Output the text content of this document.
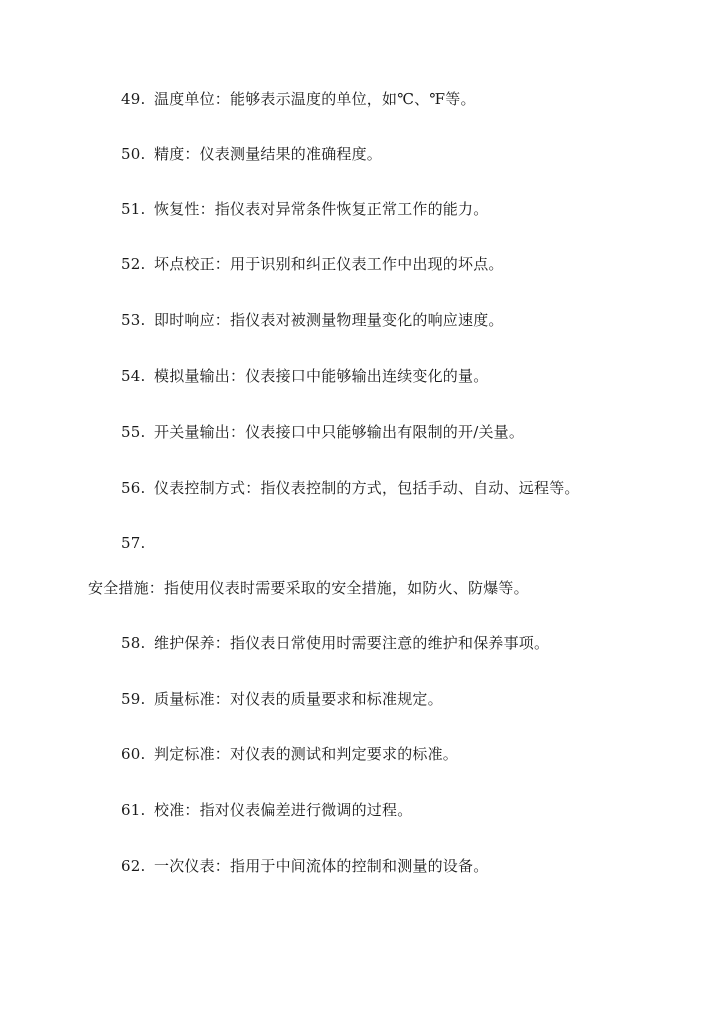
49. 温度单位：能够表示温度的单位，如℃、℉等。
50. 精度：仪表测量结果的准确程度。
51. 恢复性：指仪表对异常条件恢复正常工作的能力。
52. 坏点校正：用于识别和纠正仪表工作中出现的坏点。
53. 即时响应：指仪表对被测量物理量变化的响应速度。
54. 模拟量输出：仪表接口中能够输出连续变化的量。
55. 开关量输出：仪表接口中只能够输出有限制的开/关量。
56. 仪表控制方式：指仪表控制的方式，包括手动、自动、远程等。
57.
安全措施：指使用仪表时需要采取的安全措施，如防火、防爆等。
58. 维护保养：指仪表日常使用时需要注意的维护和保养事项。
59. 质量标准：对仪表的质量要求和标准规定。
60. 判定标准：对仪表的测试和判定要求的标准。
61. 校准：指对仪表偏差进行微调的过程。
62. 一次仪表：指用于中间流体的控制和测量的设备。
